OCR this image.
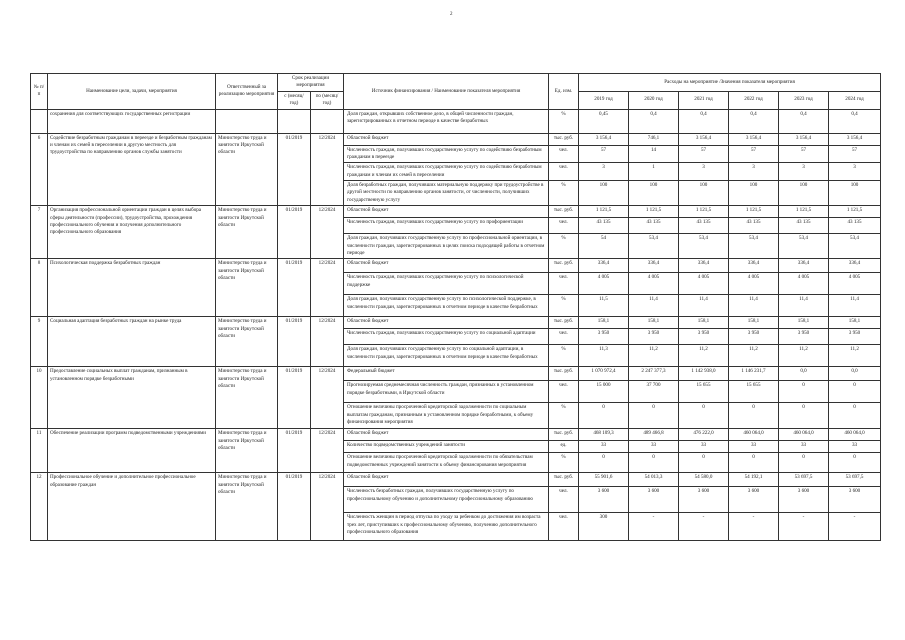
2
№ п/п	Наименование цели, задачи, мероприятия	Ответственный за реализацию мероприятия	Срок реализации мероприятия		Источник финансирования / Наименование показателя мероприятия	Ед. изм.	Расходы на мероприятие /Значения показателя мероприятия					
			с (месяц/ год)	по (месяц/ год)			2019 год	2020 год	2021 год	2022 год	2023 год	2024 год
	сохранения для соответствующих государственных регистрации				Доля граждан, открывших собственное дело, в общей численности граждан, зарегистрированных в отчетном периоде в качестве безработных	%	0,45	0,4	0,4	0,4	0,4	0,4
6	Содействие безработным гражданам в переезде и безработным гражданам и членам их семей в переселении в другую местность для трудоустройства по направлению органов службы занятости	Министерство труда и занятости Иркутской области	01/2019	12/2024	Областной бюджет	тыс. руб.	3 156,4	746,1	3 156,4	3 156,4	3 156,4	3 156,4
					Численность граждан, получивших государственную услугу по содействию безработным гражданам в переезде	чел.	57	14	57	57	57	57
					Численность граждан, получивших государственную услугу по содействию безработным гражданам и членам их семей в переселении	чел.	3	1	3	3	3	3
					Доля безработных граждан, получивших материальную поддержку при трудоустройстве в другой местности по направлению органов занятости, от численности, получивших государственную услугу	%	100	100	100	100	100	100
7	Организация профессиональной ориентации граждан в целях выбора сферы деятельности (профессии), трудоустройства, прохождения профессионального обучения и получения дополнительного профессионального образования	Министерство труда и занятости Иркутской области	01/2019	12/2024	Областной бюджет	тыс. руб.	1 121,5	1 121,5	1 121,5	1 121,5	1 121,5	1 121,5
					Численность граждан, получивших государственную услугу по профориентации	чел.	43 135	43 135	43 135	43 135	43 135	43 135
					Доля граждан, получивших государственную услугу по профессиональной ориентации, в численности граждан, зарегистрированных в целях поиска подходящей работы в отчетном периоде	%	54	53,4	53,4	53,4	53,4	53,4
8	Психологическая поддержка безработных граждан	Министерство труда и занятости Иркутской области	01/2019	12/2024	Областной бюджет	тыс. руб.	336,4	336,4	336,4	336,4	336,4	336,4
					Численность граждан, получивших государственную услугу по психологической поддержке	чел.	4 005	4 005	4 005	4 005	4 005	4 005
					Доля граждан, получивших государственную услугу по психологической поддержке, в численности граждан, зарегистрированных в отчетном периоде в качестве безработных	%	11,5	11,4	11,4	11,4	11,4	11,4
9	Социальная адаптация безработных граждан на рынке труда	Министерство труда и занятости Иркутской области	01/2019	12/2024	Областной бюджет	тыс. руб.	158,1	158,1	158,1	158,1	158,1	158,1
					Численность граждан, получивших государственную услугу по социальной адаптации	чел.	3 950	3 950	3 950	3 950	3 950	3 950
					Доля граждан, получивших государственную услугу по социальной адаптации, в численности граждан, зарегистрированных в отчетном периоде в качестве безработных	%	11,3	11,2	11,2	11,2	11,2	11,2
10	Предоставление социальных выплат гражданам, признанным в установленном порядке безработными	Министерство труда и занятости Иркутской области	01/2019	12/2024	Федеральный бюджет	тыс. руб.	1 070 972,4	2 247 377,3	1 142 938,0	1 146 231,7	0,0	0,0
					Прогнозируемая среднемесячная численность граждан, признанных в установленном порядке безработными, в Иркутской области	чел.	15 000	37 700	15 655	15 655	0	0
					Отношение величины просроченной кредиторской задолженности по социальным выплатам гражданам, признанным в установленном порядке безработными, к объему финансирования мероприятия	%	0	0	0	0	0	0
11	Обеспечение реализации программ подведомственными учреждениями	Министерство труда и занятости Иркутской области	01/2019	12/2024	Областной бюджет	тыс. руб.	468 109,3	489 466,8	476 222,0	460 064,0	460 064,0	460 064,0
					Количество подведомственных учреждений занятости	ед.	33	33	33	33	33	33
					Отношение величины просроченной кредиторской задолженности по обязательствам подведомственных учреждений занятости к объему финансирования мероприятия	%	0	0	0	0	0	0
12	Профессиональное обучение и дополнительное профессиональное образование граждан	Министерство труда и занятости Иркутской области	01/2019	12/2024	Областной бюджет	тыс. руб.	55 901,6	54 013,3	54 580,0	54 192,1	53 697,5	53 697,5
					Численность безработных граждан, получивших государственную услугу по профессиональному обучению и дополнительному профессиональному образованию	чел.	3 600	3 600	3 600	3 600	3 600	3 600
					Численность женщин в период отпуска по уходу за ребенком до достижения им возраста трех лет, приступивших к профессиональному обучению, получению дополнительного профессионального образования	чел.	300	-	-	-	-	-
